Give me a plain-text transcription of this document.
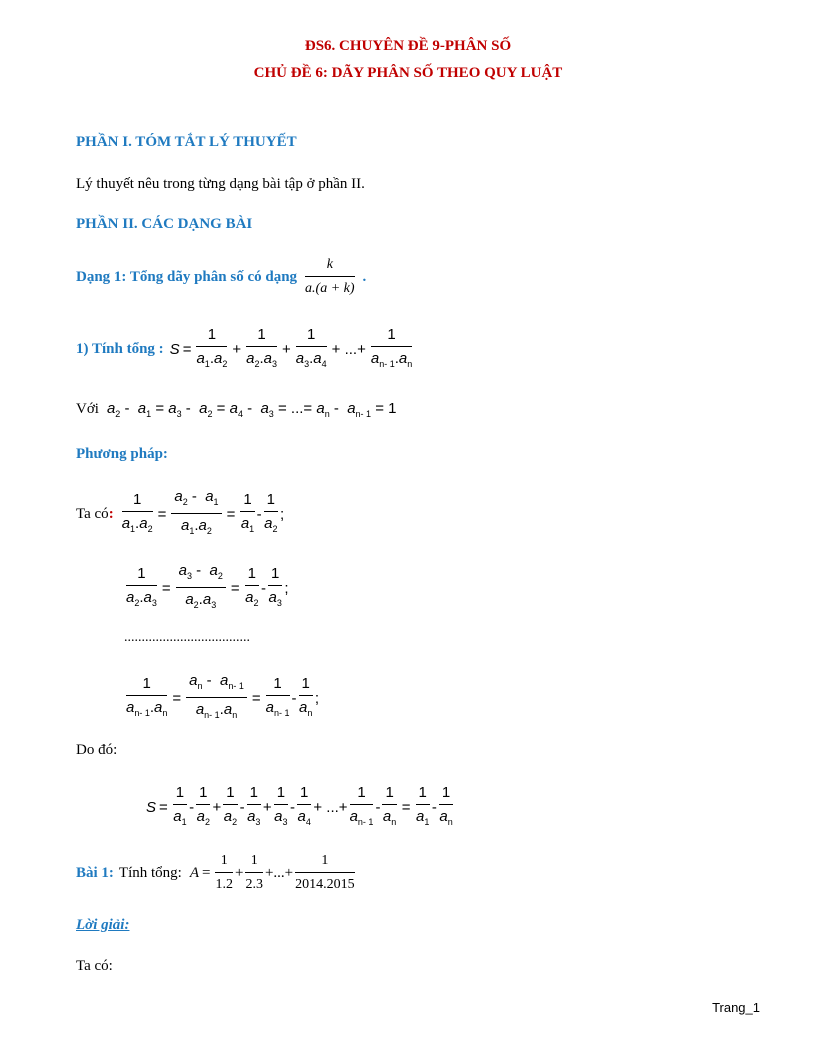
ĐS6. CHUYÊN ĐỀ 9-PHÂN SỐ
CHỦ ĐỀ 6: DÃY PHÂN SỐ THEO QUY LUẬT
PHẦN I. TÓM TẮT LÝ THUYẾT
Lý thuyết nêu trong từng dạng bài tập ở phần II.
PHẦN II. CÁC DẠNG BÀI
Dạng 1: Tổng dãy phân số có dạng $\frac{k}{a.(a + k)}$ .
1) Tính tổng : $S = \frac{1}{a_1.a_2} + \frac{1}{a_2.a_3} + \frac{1}{a_3.a_4}$ + ...+ $\frac{1}{a_{n- 1}.a_n}$
Với $a_2 - a_1 = a_3 - a_2 = a_4 - a_3$ = ...= $a_n - a_{n- 1} = 1$
Phương pháp:
Ta có : $\frac{1}{a_1.a_2} = \frac{a_2 - a_1}{a_1.a_2} = \frac{1}{a_1} - \frac{1}{a_2}$ ;
$\frac{1}{a_2.a_3} = \frac{a_3 - a_2}{a_2.a_3} = \frac{1}{a_2} - \frac{1}{a_3}$ ;
....................................
$\frac{1}{a_{n- 1}.a_n} = \frac{a_n - a_{n- 1}}{a_{n- 1}.a_n} = \frac{1}{a_{n- 1}} - \frac{1}{a_n}$ ;
Do đó:
$S = \frac{1}{a_1} - \frac{1}{a_2} + \frac{1}{a_2} - \frac{1}{a_3} + \frac{1}{a_3} - \frac{1}{a_4}$ + ...+ $\frac{1}{a_{n- 1}} - \frac{1}{a_n} = \frac{1}{a_1} - \frac{1}{a_n}$
Bài 1: Tính tổng: $A = \frac{1}{1.2} + \frac{1}{2.3}$ + ... + $\frac{1}{2014.2015}$
Lời giải:
Ta có:
Trang_1
